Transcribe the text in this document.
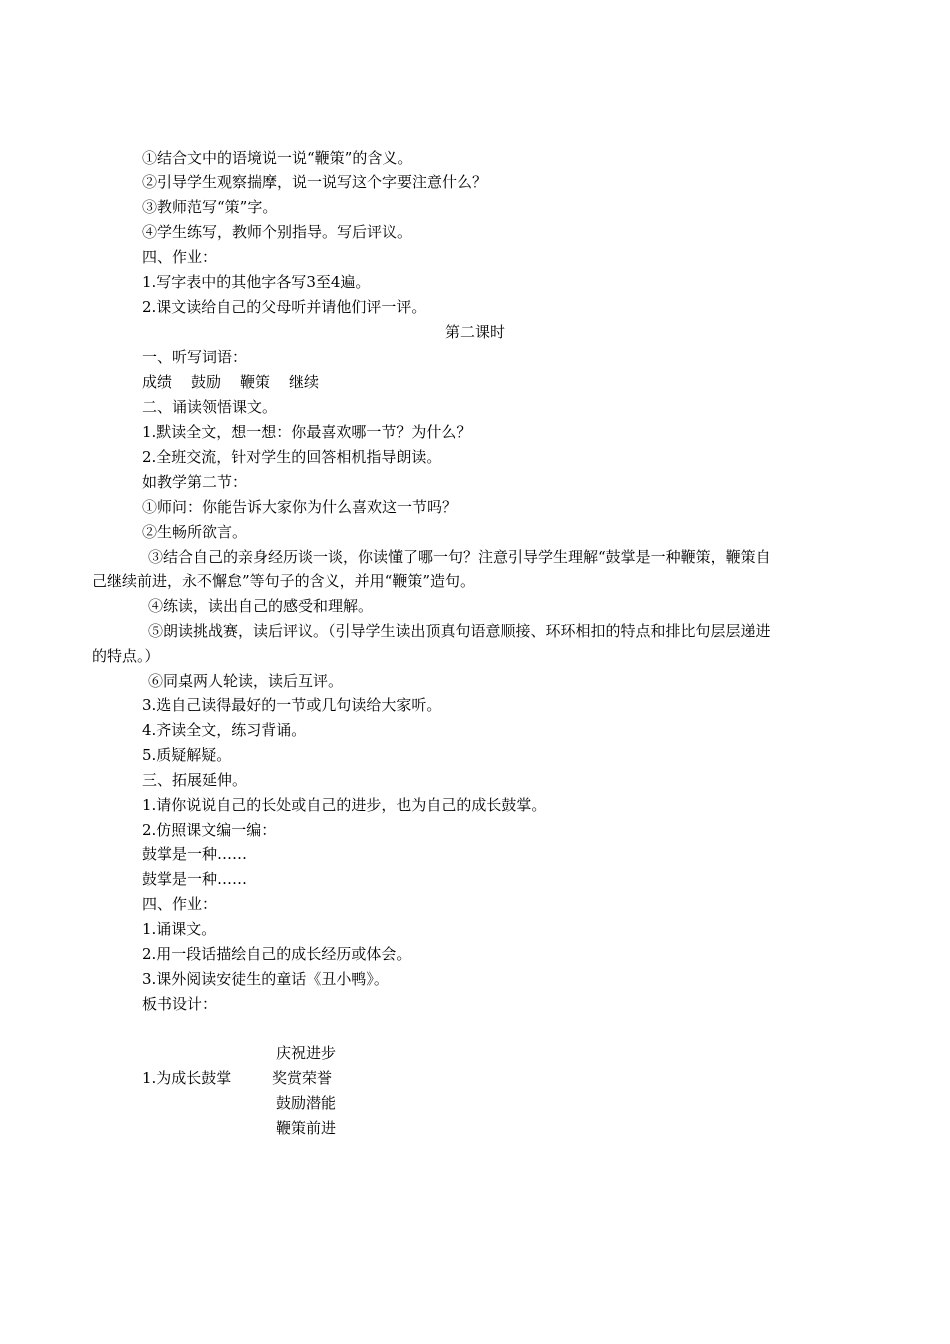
①结合文中的语境说一说“鞭策”的含义。
②引导学生观察揣摩，说一说写这个字要注意什么？
③教师范写“策”字。
④学生练写，教师个别指导。写后评议。
四、作业：
1.写字表中的其他字各写3至4遍。
2.课文读给自己的父母听并请他们评一评。
第二课时
一、听写词语：
成绩 鼓励 鞭策 继续
二、诵读领悟课文。
1.默读全文，想一想：你最喜欢哪一节？为什么？
2.全班交流，针对学生的回答相机指导朗读。
如教学第二节：
①师问：你能告诉大家你为什么喜欢这一节吗？
②生畅所欲言。
③结合自己的亲身经历谈一谈，你读懂了哪一句？注意引导学生理解“鼓掌是一种鞭策，鞭策自
己继续前进，永不懈怠”等句子的含义，并用“鞭策”造句。
④练读，读出自己的感受和理解。
⑤朗读挑战赛，读后评议。（引导学生读出顶真句语意顺接、环环相扣的特点和排比句层层递进
的特点。）
⑥同桌两人轮读，读后互评。
3.选自己读得最好的一节或几句读给大家听。
4.齐读全文，练习背诵。
5.质疑解疑。
三、拓展延伸。
1.请你说说自己的长处或自己的进步，也为自己的成长鼓掌。
2.仿照课文编一编：
鼓掌是一种……
鼓掌是一种……
四、作业：
1.诵课文。
2.用一段话描绘自己的成长经历或体会。
3.课外阅读安徒生的童话《丑小鸭》。
板书设计：
庆祝进步
1.为成长鼓掌	奖赏荣誉
鼓励潜能
鞭策前进
